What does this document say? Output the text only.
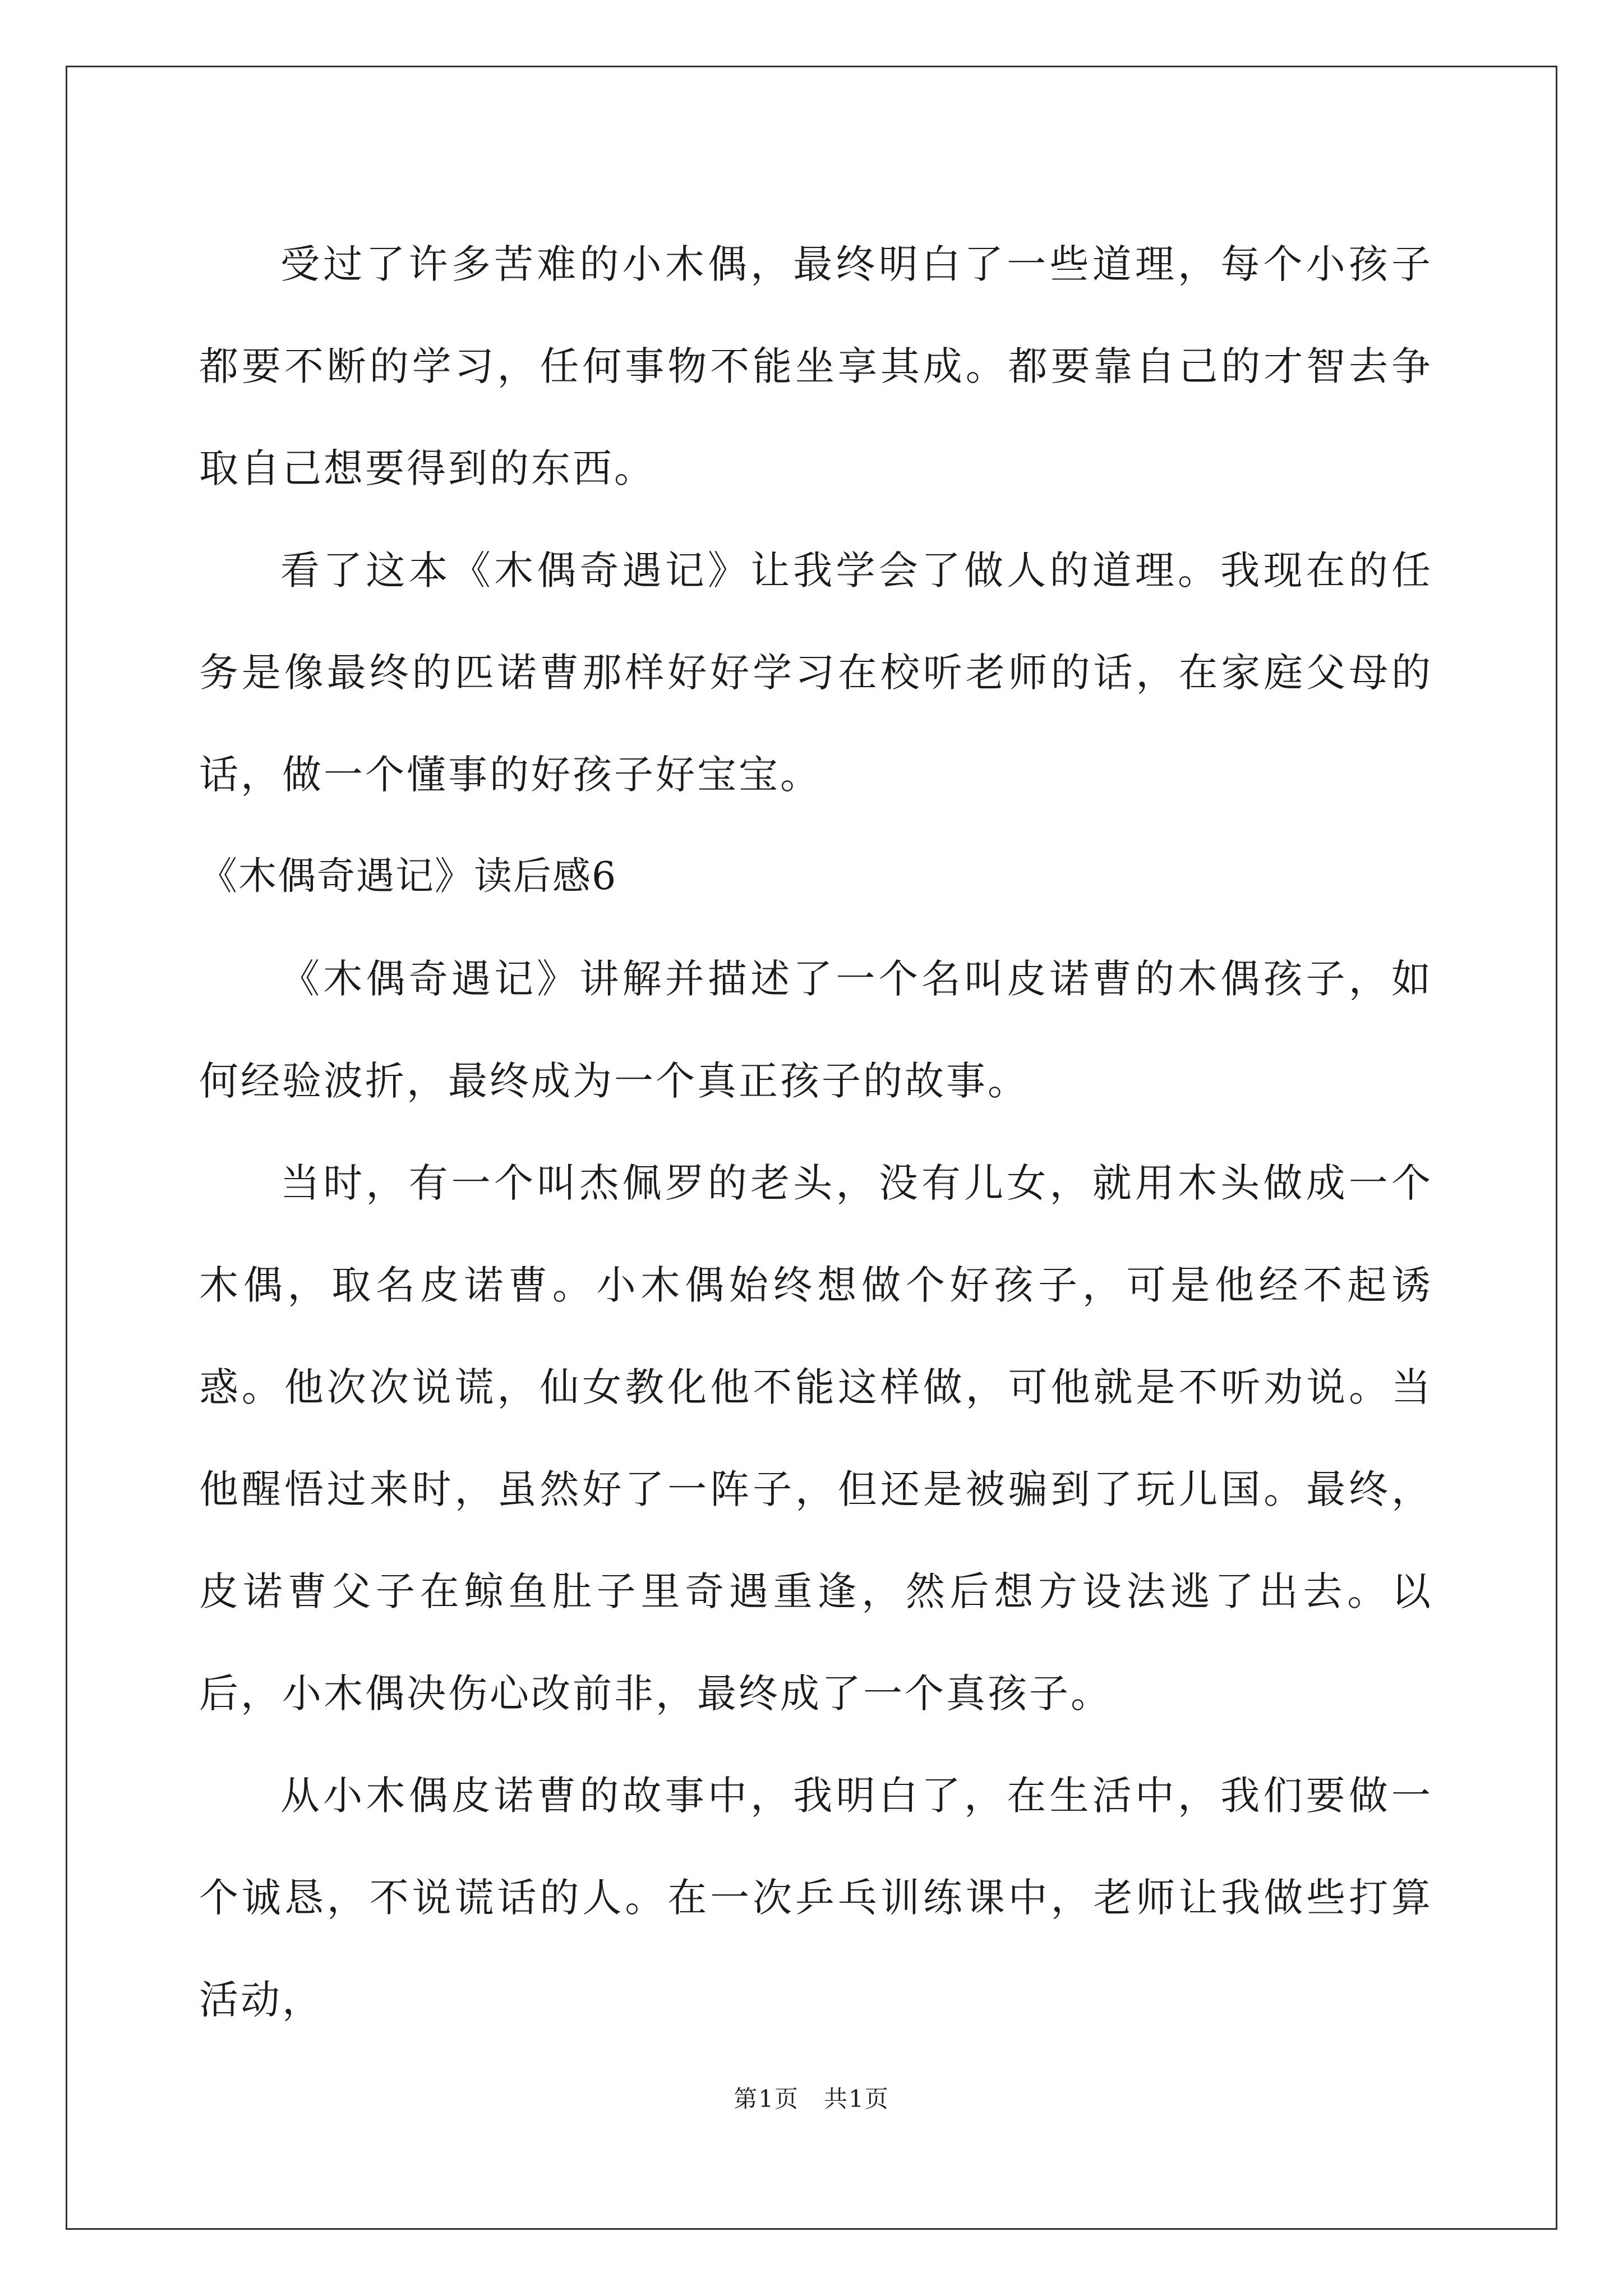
受过了许多苦难的小木偶，最终明白了一些道理，每个小孩子都要不断的学习，任何事物不能坐享其成。都要靠自己的才智去争取自己想要得到的东西。

看了这本《木偶奇遇记》让我学会了做人的道理。我现在的任务是像最终的匹诺曹那样好好学习在校听老师的话，在家庭父母的话，做一个懂事的好孩子好宝宝。

《木偶奇遇记》读后感6

《木偶奇遇记》讲解并描述了一个名叫皮诺曹的木偶孩子，如何经验波折，最终成为一个真正孩子的故事。

当时，有一个叫杰佩罗的老头，没有儿女，就用木头做成一个木偶，取名皮诺曹。小木偶始终想做个好孩子，可是他经不起诱惑。他次次说谎，仙女教化他不能这样做，可他就是不听劝说。当他醒悟过来时，虽然好了一阵子，但还是被骗到了玩儿国。最终，皮诺曹父子在鲸鱼肚子里奇遇重逢，然后想方设法逃了出去。以后，小木偶决伤心改前非，最终成了一个真孩子。

从小木偶皮诺曹的故事中，我明白了，在生活中，我们要做一个诚恳，不说谎话的人。在一次乒乓训练课中，老师让我做些打算活动，

第1页　共1页
